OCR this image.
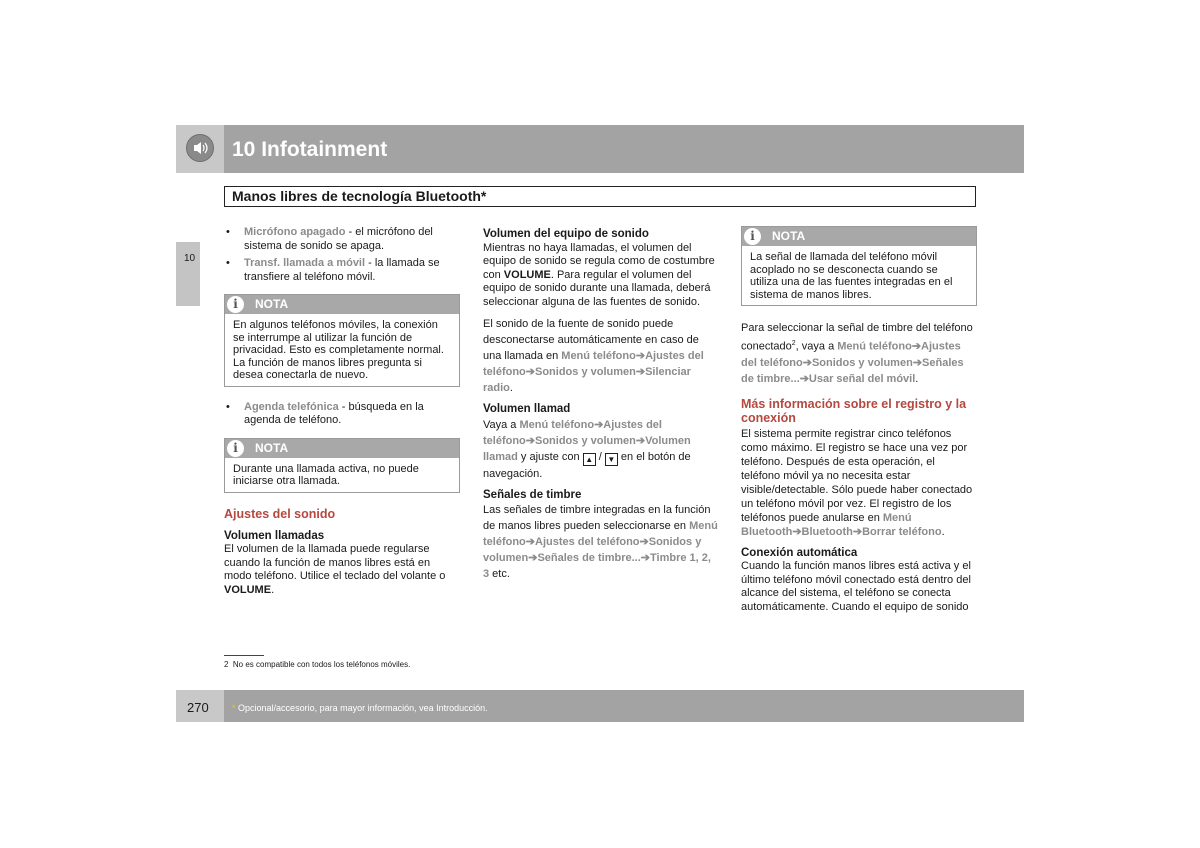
10 Infotainment
Manos libres de tecnología Bluetooth*
10
• Micrófono apagado - el micrófono del sistema de sonido se apaga.
• Transf. llamada a móvil - la llamada se transfiere al teléfono móvil.
i	NOTA
En algunos teléfonos móviles, la conexión se interrumpe al utilizar la función de privacidad. Esto es completamente normal. La función de manos libres pregunta si desea conectarla de nuevo.
• Agenda telefónica - búsqueda en la agenda de teléfono.
i	NOTA
Durante una llamada activa, no puede iniciarse otra llamada.
Ajustes del sonido
Volumen llamadas

El volumen de la llamada puede regularse cuando la función de manos libres está en modo teléfono. Utilice el teclado del volante o VOLUME.

Volumen del equipo de sonido

Mientras no haya llamadas, el volumen del equipo de sonido se regula como de costumbre con VOLUME. Para regular el volumen del equipo de sonido durante una llamada, deberá seleccionar alguna de las fuentes de sonido.

El sonido de la fuente de sonido puede desconectarse automáticamente en caso de una llamada en Menú teléfono➔Ajustes del teléfono➔Sonidos y volumen➔Silenciar radio.

Volumen llamad

Vaya a Menú teléfono➔Ajustes del teléfono➔Sonidos y volumen➔Volumen llamad y ajuste con ▲ / ▼ en el botón de navegación.

Señales de timbre

Las señales de timbre integradas en la función de manos libres pueden seleccionarse en Menú teléfono➔Ajustes del teléfono➔Sonidos y volumen➔Señales de timbre...➔Timbre 1, 2, 3 etc.

i	NOTA
La señal de llamada del teléfono móvil acoplado no se desconecta cuando se utiliza una de las fuentes integradas en el sistema de manos libres.

Para seleccionar la señal de timbre del teléfono conectado$^2$, vaya a Menú teléfono➔Ajustes del teléfono➔Sonidos y volumen➔Señales de timbre...➔Usar señal del móvil.

Más información sobre el registro y la conexión

El sistema permite registrar cinco teléfonos como máximo. El registro se hace una vez por teléfono. Después de esta operación, el teléfono móvil ya no necesita estar visible/detectable. Sólo puede haber conectado un teléfono móvil por vez. El registro de los teléfonos puede anularse en Menú Bluetooth➔Bluetooth➔Borrar teléfono.

Conexión automática

Cuando la función manos libres está activa y el último teléfono móvil conectado está dentro del alcance del sistema, el teléfono se conecta automáticamente. Cuando el equipo de sonido

2 No es compatible con todos los teléfonos móviles.
270	* Opcional/accesorio, para mayor información, vea Introducción.
